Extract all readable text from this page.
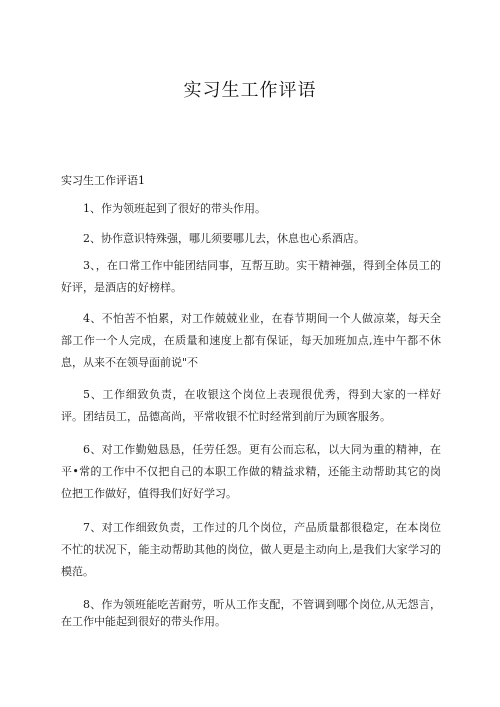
实习生工作评语
实习生工作评语1

1、作为领班起到了很好的带头作用。

2、协作意识特殊强，哪儿须要哪儿去，休息也心系酒店。

3、，在口常工作中能团结同事，互帮互助。实干精神强，得到全体员工的好评，是酒店的好榜样。

4、不怕苦不怕累，对工作兢兢业业，在春节期间一个人做凉菜，每天全部工作一个人完成，在质量和速度上都有保证，每天加班加点,连中午都不休息，从来不在领导面前说"不

5、工作细致负责，在收银这个岗位上表现很优秀，得到大家的一样好评。团结员工，品德高尚，平常收银不忙时经常到前厅为顾客服务。

6、对工作勤勉恳恳，任劳任怨。更有公而忘私，以大同为重的精神，在平•常的工作中不仅把自己的本职工作做的精益求精，还能主动帮助其它的岗位把工作做好，值得我们好好学习。

7、对工作细致负责，工作过的几个岗位，产品质量都很稳定，在本岗位不忙的状况下，能主动帮助其他的岗位，做人更是主动向上,是我们大家学习的模范。

8、作为领班能吃苦耐劳，听从工作支配，不管调到哪个岗位,从无怨言，在工作中能起到很好的带头作用。
